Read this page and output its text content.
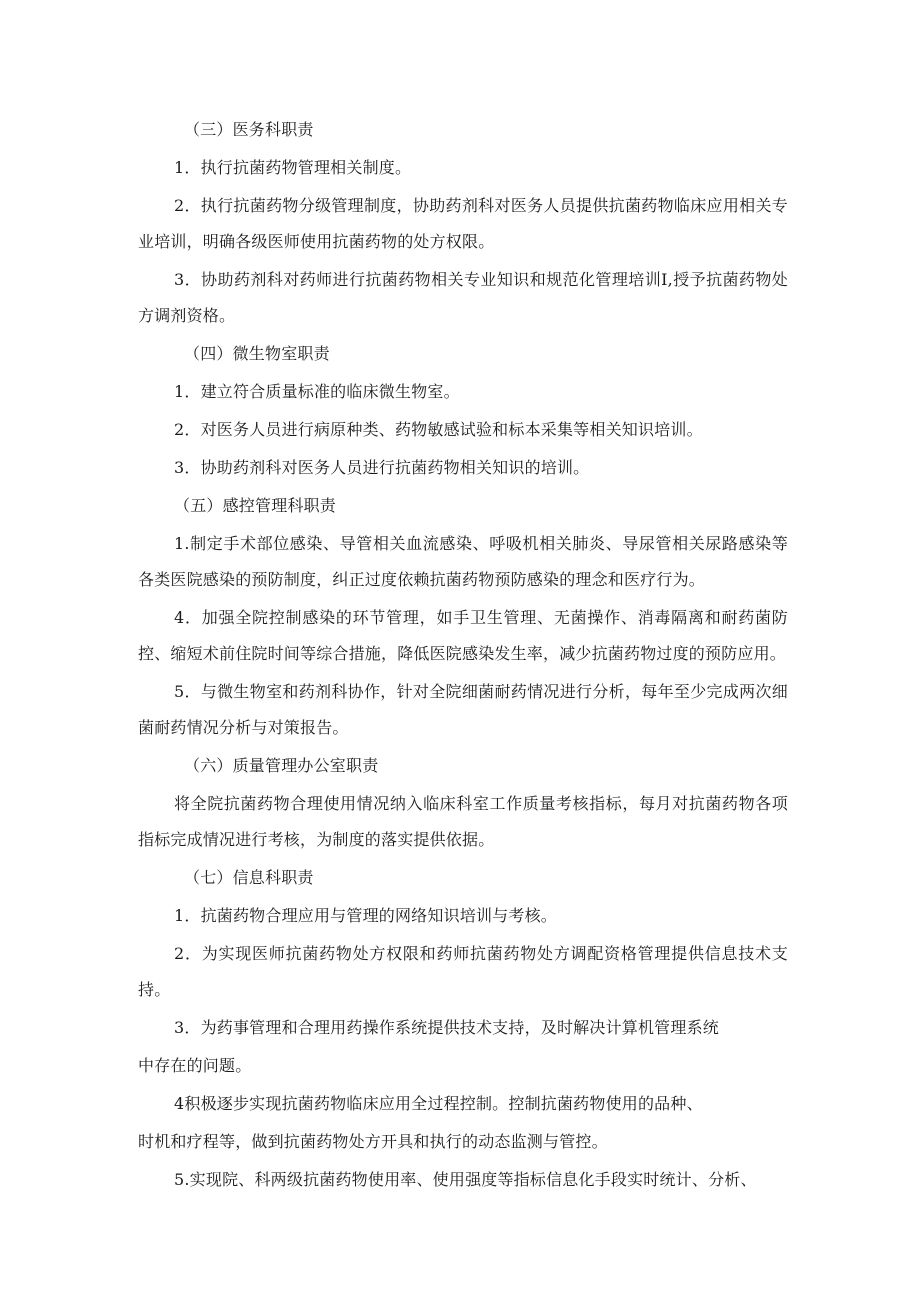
（三）医务科职责

1．执行抗菌药物管理相关制度。

2．执行抗菌药物分级管理制度，协助药剂科对医务人员提供抗菌药物临床应用相关专业培训，明确各级医师使用抗菌药物的处方权限。

3．协助药剂科对药师进行抗菌药物相关专业知识和规范化管理培训I,授予抗菌药物处方调剂资格。

（四）微生物室职责

1．建立符合质量标准的临床微生物室。

2．对医务人员进行病原种类、药物敏感试验和标本采集等相关知识培训。

3．协助药剂科对医务人员进行抗菌药物相关知识的培训。

（五）感控管理科职责

1.制定手术部位感染、导管相关血流感染、呼吸机相关肺炎、导尿管相关尿路感染等各类医院感染的预防制度，纠正过度依赖抗菌药物预防感染的理念和医疗行为。

4．加强全院控制感染的环节管理，如手卫生管理、无菌操作、消毒隔离和耐药菌防控、缩短术前住院时间等综合措施，降低医院感染发生率，减少抗菌药物过度的预防应用。

5．与微生物室和药剂科协作，针对全院细菌耐药情况进行分析，每年至少完成两次细菌耐药情况分析与对策报告。

（六）质量管理办公室职责

将全院抗菌药物合理使用情况纳入临床科室工作质量考核指标，每月对抗菌药物各项指标完成情况进行考核，为制度的落实提供依据。

（七）信息科职责

1．抗菌药物合理应用与管理的网络知识培训与考核。

2．为实现医师抗菌药物处方权限和药师抗菌药物处方调配资格管理提供信息技术支持。

3．为药事管理和合理用药操作系统提供技术支持，及时解决计算机管理系统

中存在的问题。

4积极逐步实现抗菌药物临床应用全过程控制。控制抗菌药物使用的品种、

时机和疗程等，做到抗菌药物处方开具和执行的动态监测与管控。

5.实现院、科两级抗菌药物使用率、使用强度等指标信息化手段实时统计、分析、
